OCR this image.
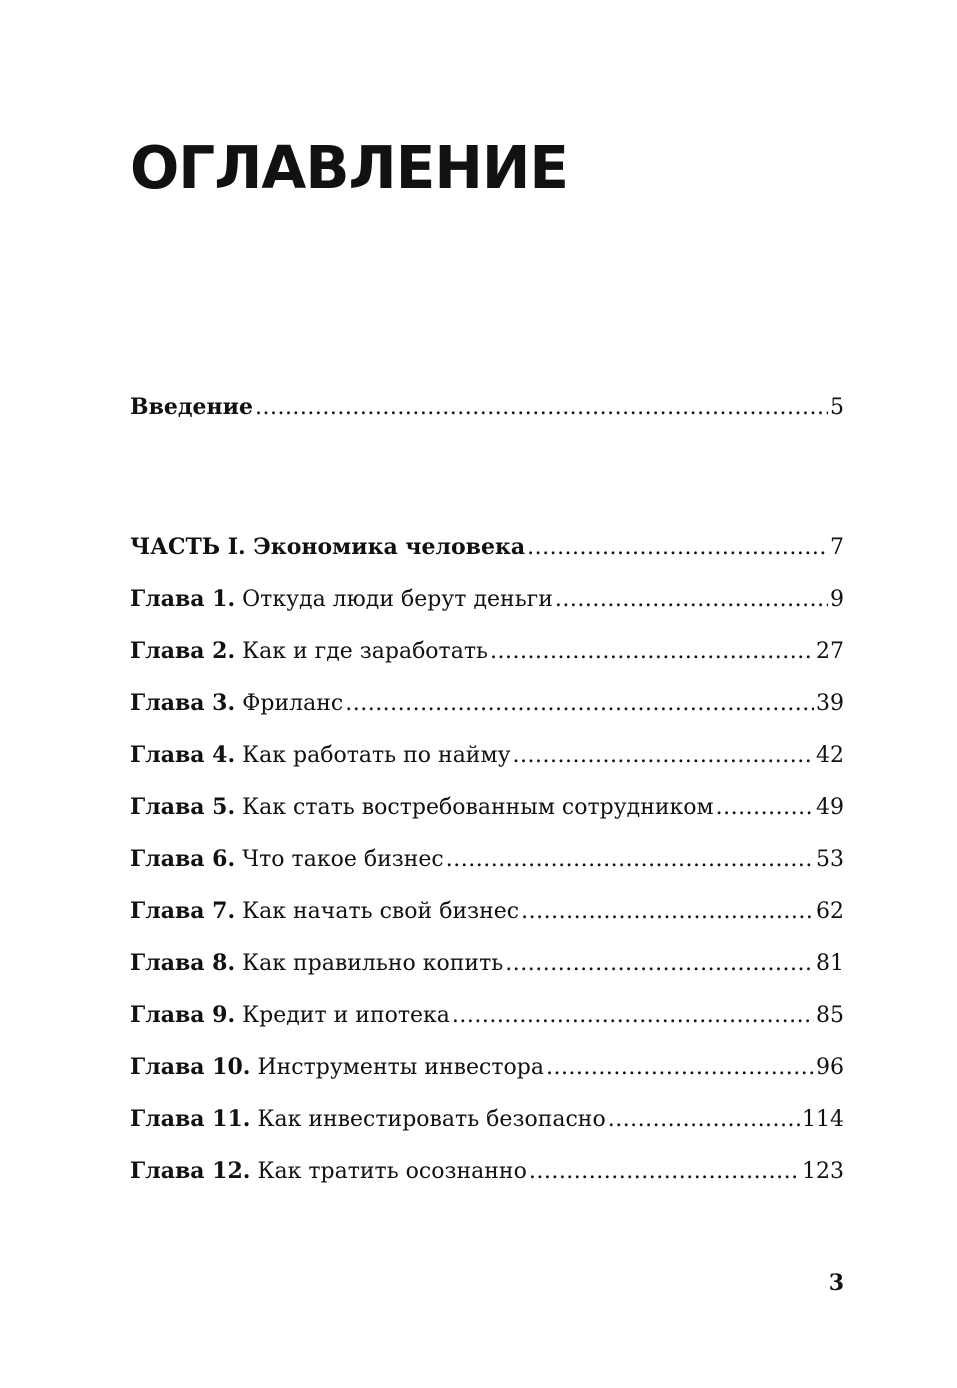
ОГЛАВЛЕНИЕ
Введение .....	5
ЧАСТЬ I. Экономика человека .....	7
Глава 1. Откуда люди берут деньги .....	9
Глава 2. Как и где заработать .....	27
Глава 3. Фриланс .....	39
Глава 4. Как работать по найму .....	42
Глава 5. Как стать востребованным сотрудником .....	49
Глава 6. Что такое бизнес .....	53
Глава 7. Как начать свой бизнес .....	62
Глава 8. Как правильно копить .....	81
Глава 9. Кредит и ипотека .....	85
Глава 10. Инструменты инвестора .....	96
Глава 11. Как инвестировать безопасно .....	114
Глава 12. Как тратить осознанно .....	123
3
